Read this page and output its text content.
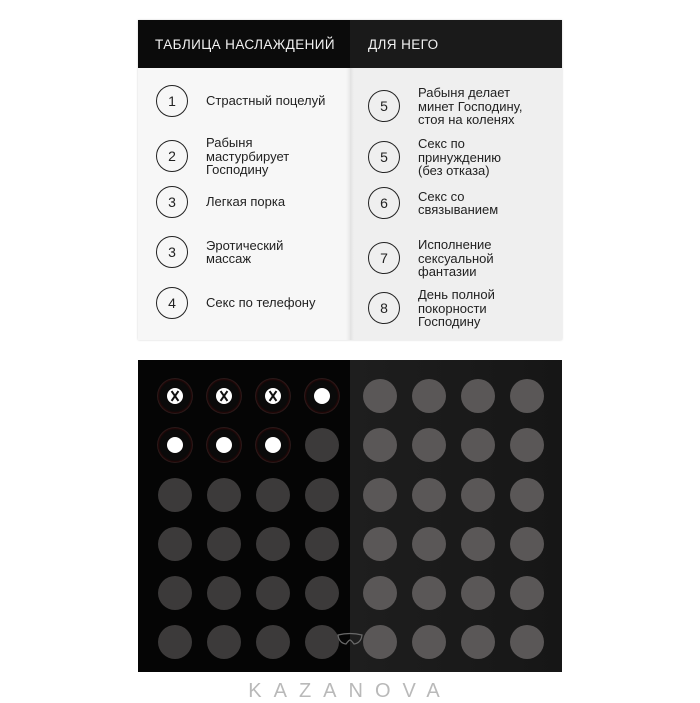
ТАБЛИЦА НАСЛАЖДЕНИЙ	ДЛЯ НЕГО
1	Страстный поцелуй
2
Рабыня
мастурбирует
Господину
3	Легкая порка
3	Эротический
массаж
4	Секс по телефону
5
Рабыня делает
минет Господину,
стоя на коленях
5
Секс по
принуждению
(без отказа)
6	Секс со
связыванием
7
Исполнение
сексуальной
фантазии
8
День полной
покорности
Господину
KAZANOVA
